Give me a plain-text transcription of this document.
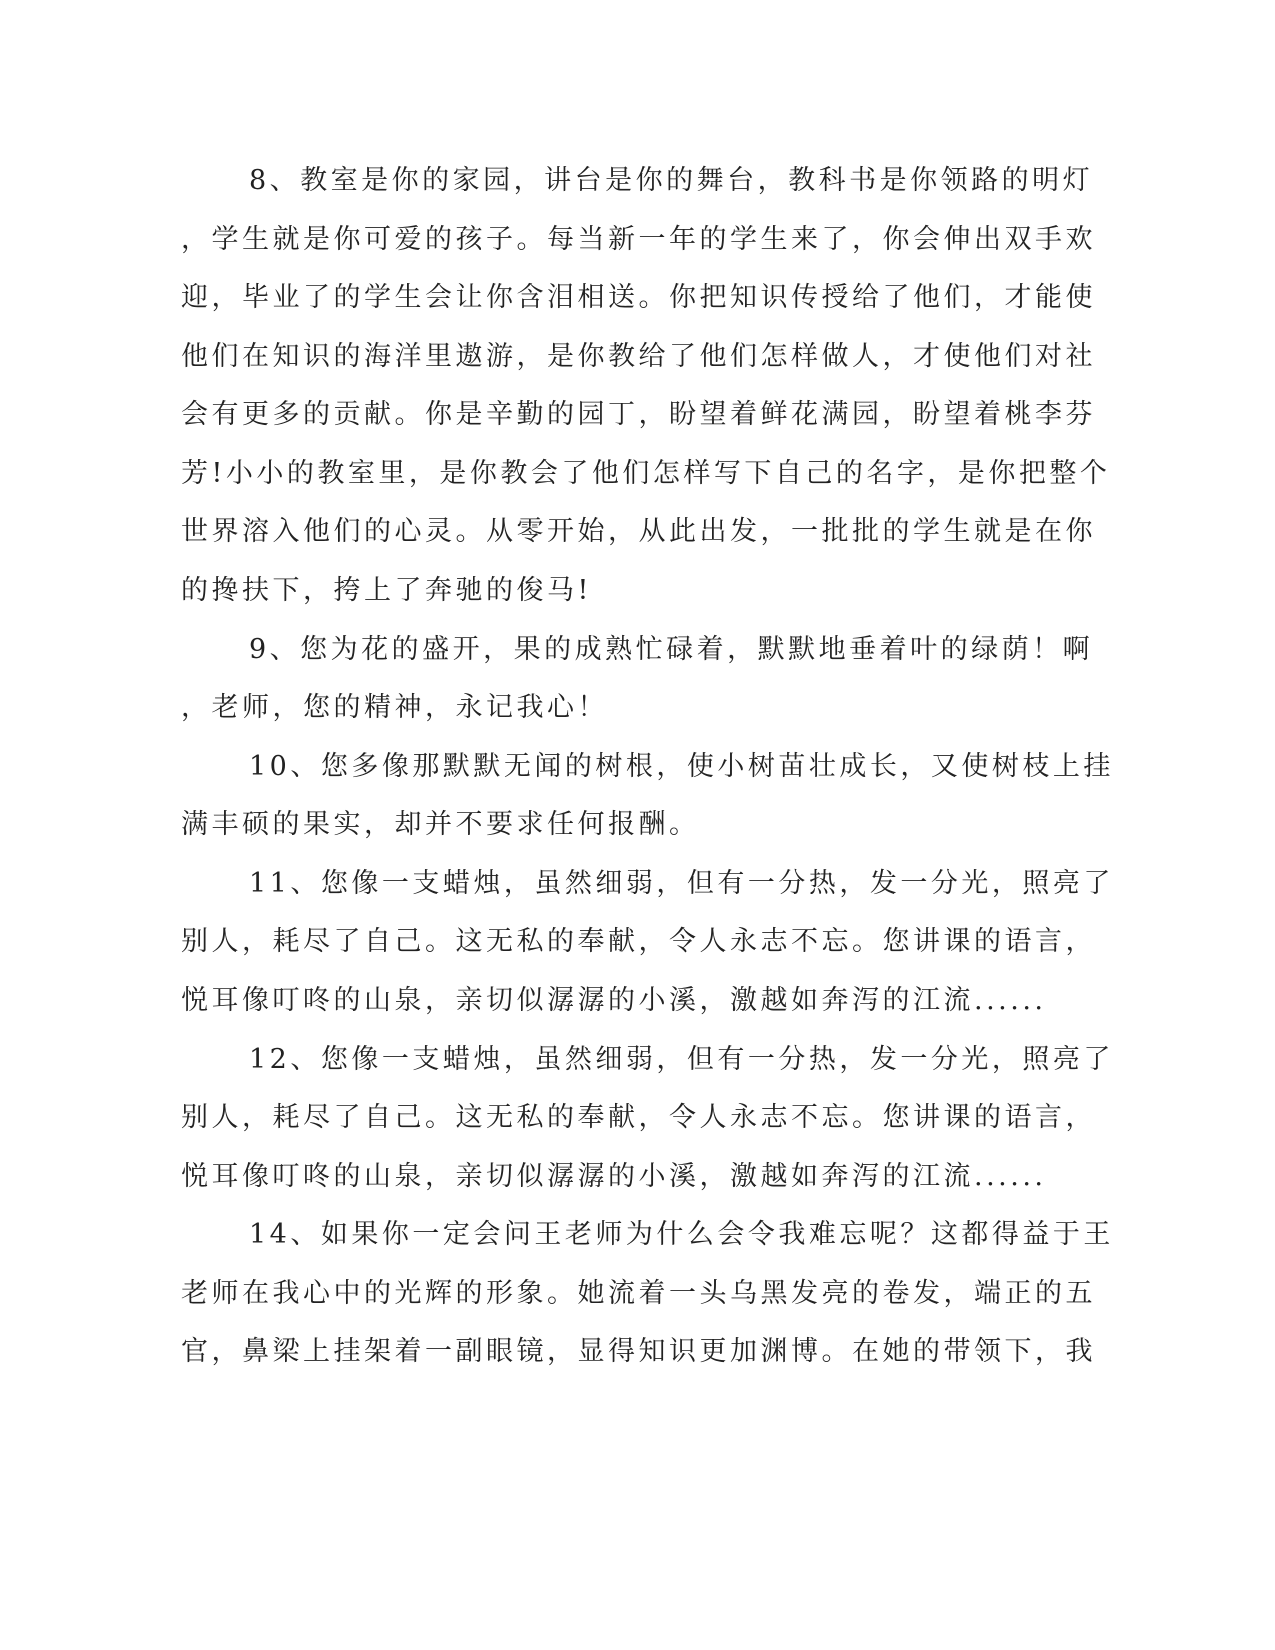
8、教室是你的家园，讲台是你的舞台，教科书是你领路的明灯
，学生就是你可爱的孩子。每当新一年的学生来了，你会伸出双手欢
迎，毕业了的学生会让你含泪相送。你把知识传授给了他们，才能使
他们在知识的海洋里遨游，是你教给了他们怎样做人，才使他们对社
会有更多的贡献。你是辛勤的园丁，盼望着鲜花满园，盼望着桃李芬
芳!小小的教室里，是你教会了他们怎样写下自己的名字，是你把整个
世界溶入他们的心灵。从零开始，从此出发，一批批的学生就是在你
的搀扶下，挎上了奔驰的俊马!
9、您为花的盛开，果的成熟忙碌着，默默地垂着叶的绿荫！啊
，老师，您的精神，永记我心！
10、您多像那默默无闻的树根，使小树苗壮成长，又使树枝上挂
满丰硕的果实，却并不要求任何报酬。
11、您像一支蜡烛，虽然细弱，但有一分热，发一分光，照亮了
别人，耗尽了自己。这无私的奉献，令人永志不忘。您讲课的语言，
悦耳像叮咚的山泉，亲切似潺潺的小溪，激越如奔泻的江流......
12、您像一支蜡烛，虽然细弱，但有一分热，发一分光，照亮了
别人，耗尽了自己。这无私的奉献，令人永志不忘。您讲课的语言，
悦耳像叮咚的山泉，亲切似潺潺的小溪，激越如奔泻的江流......
14、如果你一定会问王老师为什么会令我难忘呢？这都得益于王
老师在我心中的光辉的形象。她流着一头乌黑发亮的卷发，端正的五
官，鼻梁上挂架着一副眼镜，显得知识更加渊博。在她的带领下，我
